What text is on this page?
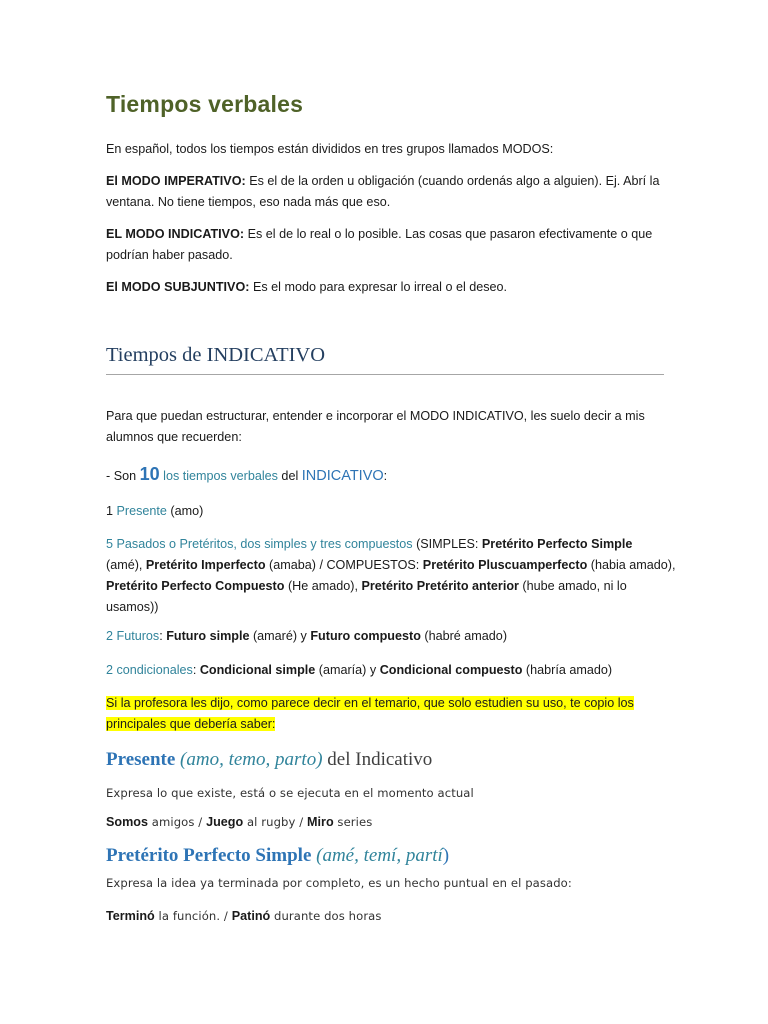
Tiempos verbales
En español, todos los tiempos están divididos en tres grupos llamados MODOS:
El MODO IMPERATIVO: Es el de la orden u obligación (cuando ordenás algo a alguien). Ej. Abrí la
ventana. No tiene tiempos, eso nada más que eso.
EL MODO INDICATIVO: Es el de lo real o lo posible. Las cosas que pasaron efectivamente o que
podrían haber pasado.
El MODO SUBJUNTIVO: Es el modo para expresar lo irreal o el deseo.
Tiempos de INDICATIVO
Para que puedan estructurar, entender e incorporar el MODO INDICATIVO, les suelo decir a mis
alumnos que recuerden:
- Son 10 los tiempos verbales del INDICATIVO:
1 Presente (amo)
5 Pasados o Pretéritos, dos simples y tres compuestos (SIMPLES: Pretérito Perfecto Simple
(amé), Pretérito Imperfecto (amaba) / COMPUESTOS: Pretérito Pluscuamperfecto (habia amado),
Pretérito Perfecto Compuesto (He amado), Pretérito Pretérito anterior (hube amado, ni lo
usamos))
2 Futuros: Futuro simple (amaré) y Futuro compuesto (habré amado)
2 condicionales: Condicional simple (amaría) y Condicional compuesto (habría amado)
Si la profesora les dijo, como parece decir en el temario, que solo estudien su uso, te copio los
principales que debería saber:
Presente (amo, temo, parto) del Indicativo
Expresa lo que existe, está o se ejecuta en el momento actual
Somos amigos / Juego al rugby / Miro series
Pretérito Perfecto Simple (amé, temí, partí)
Expresa la idea ya terminada por completo, es un hecho puntual en el pasado:
Terminó la función. / Patinó durante dos horas
